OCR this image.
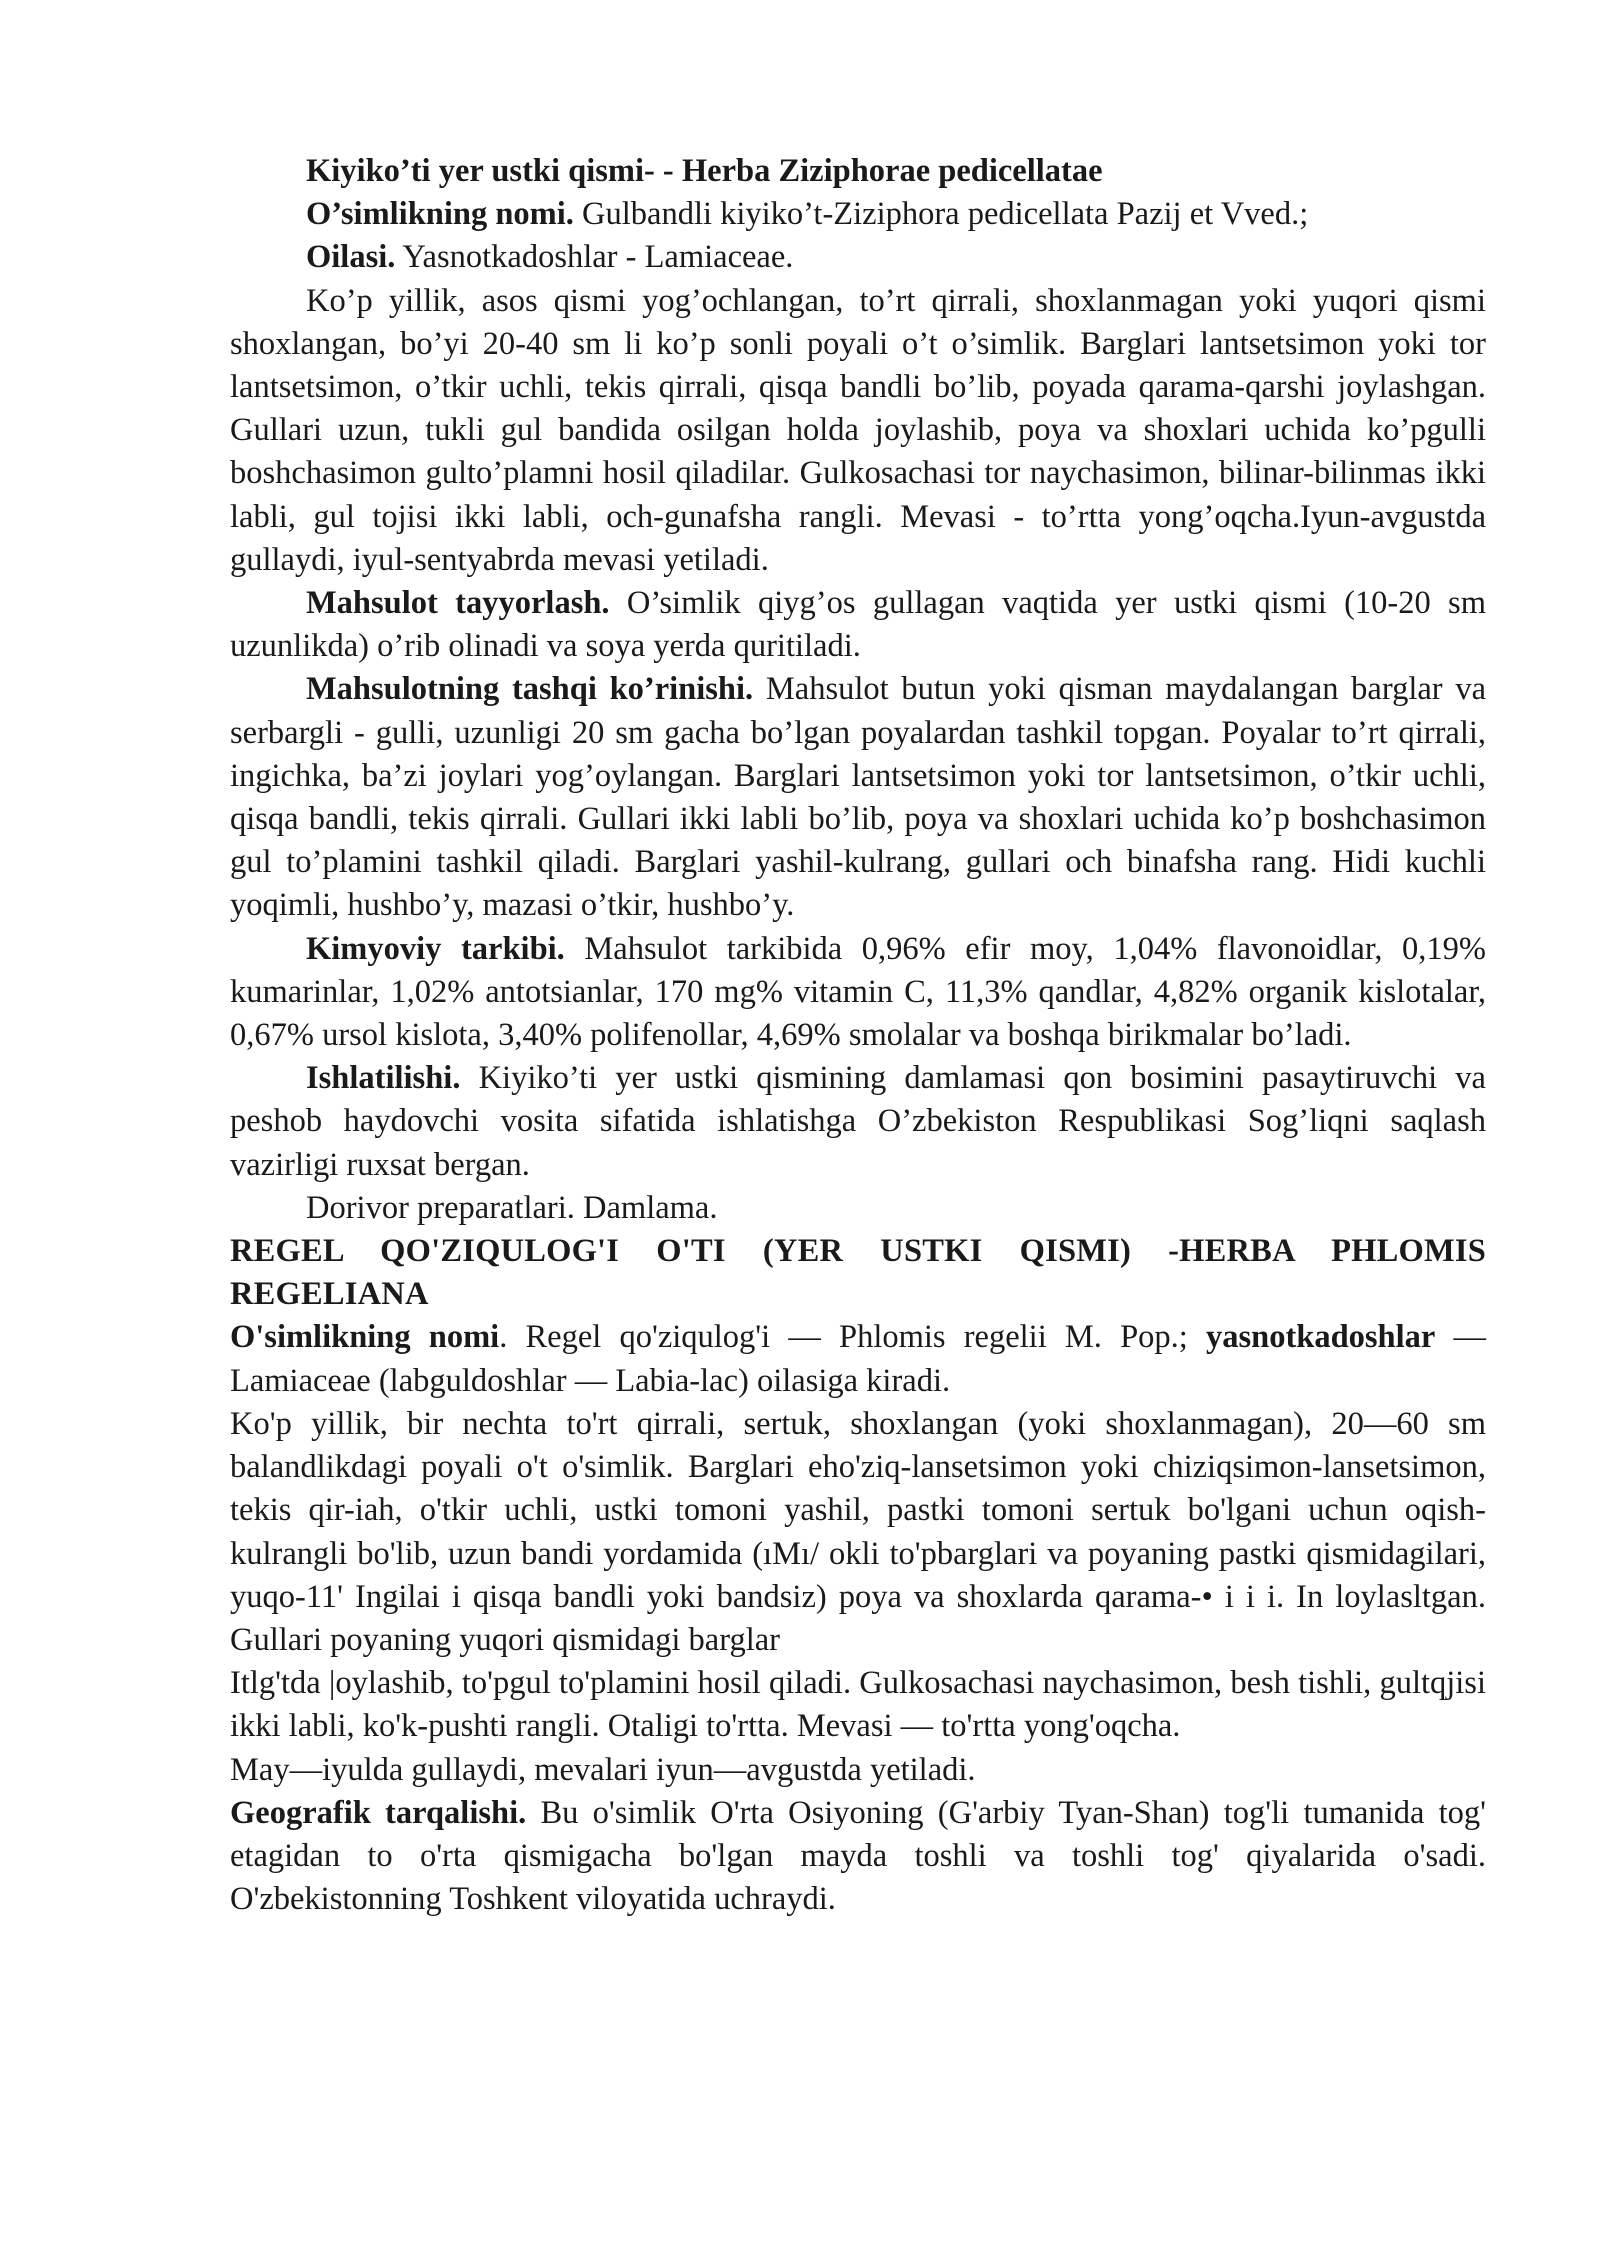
Kiyiko’ti yer ustki qismi- - Herba Ziziphorae pedicellatae

O’simlikning nomi. Gulbandli kiyiko’t-Ziziphora pedicellata Pazij et Vved.;

Oilasi. Yasnotkadoshlar - Lamiaceae.

Ko’p yillik, asos qismi yog’ochlangan, to’rt qirrali, shoxlanmagan yoki yuqori qismi shoxlangan, bo’yi 20-40 sm li ko’p sonli poyali o’t o’simlik. Barglari lantsetsimon yoki tor lantsetsimon, o’tkir uchli, tekis qirrali, qisqa bandli bo’lib, poyada qarama-qarshi joylashgan. Gullari uzun, tukli gul bandida osilgan holda joylashib, poya va shoxlari uchida ko’pgulli boshchasimon gulto’plamni hosil qiladilar. Gulkosachasi tor naychasimon, bilinar-bilinmas ikki labli, gul tojisi ikki labli, och-gunafsha rangli. Mevasi - to’rtta yong’oqcha.Iyun-avgustda gullaydi, iyul-sentyabrda mevasi yetiladi.

Mahsulot tayyorlash. O’simlik qiyg’os gullagan vaqtida yer ustki qismi (10-20 sm uzunlikda) o’rib olinadi va soya yerda quritiladi.

Mahsulotning tashqi ko’rinishi. Mahsulot butun yoki qisman maydalangan barglar va serbargli - gulli, uzunligi 20 sm gacha bo’lgan poyalardan tashkil topgan. Poyalar to’rt qirrali, ingichka, ba’zi joylari yog’oylangan. Barglari lantsetsimon yoki tor lantsetsimon, o’tkir uchli, qisqa bandli, tekis qirrali. Gullari ikki labli bo’lib, poya va shoxlari uchida ko’p boshchasimon gul to’plamini tashkil qiladi. Barglari yashil-kulrang, gullari och binafsha rang. Hidi kuchli yoqimli, hushbo’y, mazasi o’tkir, hushbo’y.

Kimyoviy tarkibi. Mahsulot tarkibida 0,96% efir moy, 1,04% flavonoidlar, 0,19% kumarinlar, 1,02% antotsianlar, 170 mg% vitamin C, 11,3% qandlar, 4,82% organik kislotalar, 0,67% ursol kislota, 3,40% polifenollar, 4,69% smolalar va boshqa birikmalar bo’ladi.

Ishlatilishi. Kiyiko’ti yer ustki qismining damlamasi qon bosimini pasaytiruvchi va peshob haydovchi vosita sifatida ishlatishga O’zbekiston Respublikasi Sog’liqni saqlash vazirligi ruxsat bergan.

Dorivor preparatlari. Damlama.

REGEL QO'ZIQULOG'I O'TI (YER USTKI QISMI) -HERBA PHLOMIS REGELIANA

O'simlikning nomi. Regel qo'ziqulog'i — Phlomis regelii M. Pop.; yasnotkadoshlar — Lamiaceae (labguldoshlar — Labia-lac) oilasiga kiradi.

Ko'p yillik, bir nechta to'rt qirrali, sertuk, shoxlangan (yoki shoxlanmagan), 20—60 sm balandlikdagi poyali o't o'simlik. Barglari eho'ziq-lansetsimon yoki chiziqsimon-lansetsimon, tekis qir-iah, o'tkir uchli, ustki tomoni yashil, pastki tomoni sertuk bo'lgani uchun oqish-kulrangli bo'lib, uzun bandi yordamida (ıMı/ okli to'pbarglari va poyaning pastki qismidagilari, yuqo-11' Ingilai i qisqa bandli yoki bandsiz) poya va shoxlarda qarama-• i i i. In loylasltgan. Gullari poyaning yuqori qismidagi barglar

Itlg'tda |oylashib, to'pgul to'plamini hosil qiladi. Gulkosachasi naychasimon, besh tishli, gultqjisi ikki labli, ko'k-pushti rangli. Otaligi to'rtta. Mevasi — to'rtta yong'oqcha.

May—iyulda gullaydi, mevalari iyun—avgustda yetiladi.

Geografik tarqalishi. Bu o'simlik O'rta Osiyoning (G'arbiy Tyan-Shan) tog'li tumanida tog' etagidan to o'rta qismigacha bo'lgan mayda toshli va toshli tog' qiyalarida o'sadi. O'zbekistonning Toshkent viloyatida uchraydi.
